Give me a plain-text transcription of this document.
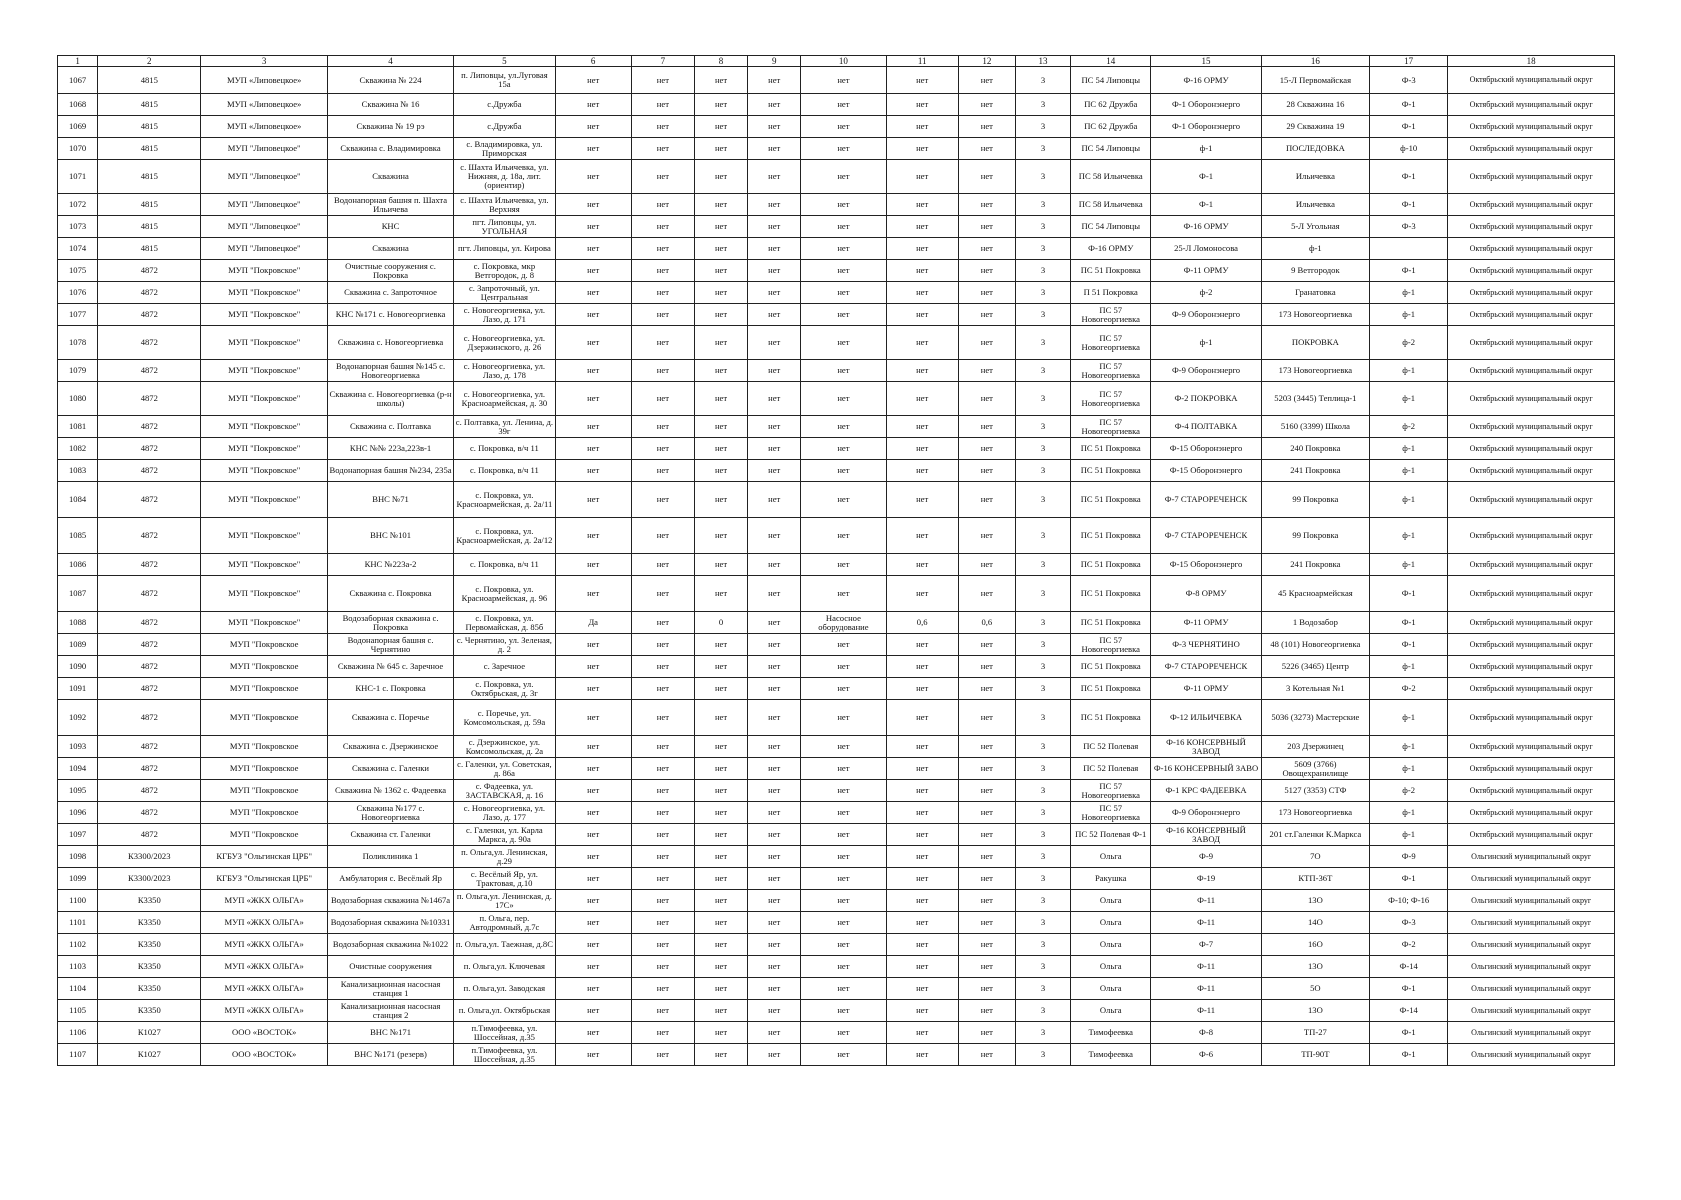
1	2	3	4	5	6	7	8	9	10	11	12	13	14	15	16	17	18
1067	4815	МУП «Липовецкое»	Скважина № 224	п. Липовцы, ул.Луговая 15а	нет	нет	нет	нет	нет	нет	нет	3	ПС 54 Липовцы	Ф-16 ОРМУ	15-Л Первомайская	Ф-3	Октябрьский муниципальный округ
1068	4815	МУП «Липовецкое»	Скважина № 16	с.Дружба	нет	нет	нет	нет	нет	нет	нет	3	ПС 62 Дружба	Ф-1 Оборонэнерго	28 Скважина 16	Ф-1	Октябрьский муниципальный округ
1069	4815	МУП «Липовецкое»	Скважина № 19 рэ	с.Дружба	нет	нет	нет	нет	нет	нет	нет	3	ПС 62 Дружба	Ф-1 Оборонэнерго	29 Скважина 19	Ф-1	Октябрьский муниципальный округ
1070	4815	МУП "Липовецкое"	Скважина с. Владимировка	с. Владимировка, ул. Приморская	нет	нет	нет	нет	нет	нет	нет	3	ПС 54 Липовцы	ф-1	ПОСЛЕДОВКА	ф-10	Октябрьский муниципальный округ
1071	4815	МУП "Липовецкое"	Скважина	с. Шахта Ильичевка, ул. Нижняя, д. 18а, лит. (ориентир)	нет	нет	нет	нет	нет	нет	нет	3	ПС 58 Ильичевка	Ф-1	Ильичевка	Ф-1	Октябрьский муниципальный округ
1072	4815	МУП "Липовецкое"	Водонапорная башня п. Шахта Ильичева	с. Шахта Ильичевка, ул. Верхняя	нет	нет	нет	нет	нет	нет	нет	3	ПС 58 Ильичевка	Ф-1	Ильичевка	Ф-1	Октябрьский муниципальный округ
1073	4815	МУП "Липовецкое"	КНС	пгт. Липовцы, ул. УГОЛЬНАЯ	нет	нет	нет	нет	нет	нет	нет	3	ПС 54 Липовцы	Ф-16 ОРМУ	5-Л Угольная	Ф-3	Октябрьский муниципальный округ
1074	4815	МУП "Липовецкое"	Скважина	пгт. Липовцы, ул. Кирова	нет	нет	нет	нет	нет	нет	нет	3	Ф-16 ОРМУ	25-Л Ломоносова	ф-1		Октябрьский муниципальный округ
1075	4872	МУП "Покровское"	Очистные сооружения с. Покровка	с. Покровка, мкр Ветгородок, д. 8	нет	нет	нет	нет	нет	нет	нет	3	ПС 51 Покровка	Ф-11 ОРМУ	9 Ветгородок	Ф-1	Октябрьский муниципальный округ
1076	4872	МУП "Покровское"	Скважина с. Запроточное	с. Запроточный, ул. Центральная	нет	нет	нет	нет	нет	нет	нет	3	П 51 Покровка	ф-2	Гранатовка	ф-1	Октябрьский муниципальный округ
1077	4872	МУП "Покровское"	КНС №171 с. Новогеоргиевка	с. Новогеоргиевка, ул. Лазо, д. 171	нет	нет	нет	нет	нет	нет	нет	3	ПС 57 Новогеоргиевка	Ф-9 Оборонэнерго	173 Новогеоргиевка	ф-1	Октябрьский муниципальный округ
1078	4872	МУП "Покровское"	Скважина с. Новогеоргиевка	с. Новогеоргиевка, ул. Дзержинского, д. 26	нет	нет	нет	нет	нет	нет	нет	3	ПС 57 Новогеоргиевка	ф-1	ПОКРОВКА	ф-2	Октябрьский муниципальный округ
1079	4872	МУП "Покровское"	Водонапорная башня №145 с. Новогеоргиевка	с. Новогеоргиевка, ул. Лазо, д. 178	нет	нет	нет	нет	нет	нет	нет	3	ПС 57 Новогеоргиевка	Ф-9 Оборонэнерго	173 Новогеоргиевка	ф-1	Октябрьский муниципальный округ
1080	4872	МУП "Покровское"	Скважина с. Новогеоргиевка (р-н школы)	с. Новогеоргиевка, ул. Красноармейская, д. 30	нет	нет	нет	нет	нет	нет	нет	3	ПС 57 Новогеоргиевка	Ф-2 ПОКРОВКА	5203 (3445) Теплица-1	ф-1	Октябрьский муниципальный округ
1081	4872	МУП "Покровское"	Скважина с. Полтавка	с. Полтавка, ул. Ленина, д. 39г	нет	нет	нет	нет	нет	нет	нет	3	ПС 57 Новогеоргиевка	Ф-4 ПОЛТАВКА	5160 (3399) Школа	ф-2	Октябрьский муниципальный округ
1082	4872	МУП "Покровское"	КНС №№ 223а,223в-1	с. Покровка, в/ч 11	нет	нет	нет	нет	нет	нет	нет	3	ПС 51 Покровка	Ф-15 Оборонэнерго	240 Покровка	ф-1	Октябрьский муниципальный округ
1083	4872	МУП "Покровское"	Водонапорная башня №234, 235а	с. Покровка, в/ч 11	нет	нет	нет	нет	нет	нет	нет	3	ПС 51 Покровка	Ф-15 Оборонэнерго	241 Покровка	ф-1	Октябрьский муниципальный округ
1084	4872	МУП "Покровское"	ВНС №71	с. Покровка, ул. Красноармейская, д. 2а/11	нет	нет	нет	нет	нет	нет	нет	3	ПС 51 Покровка	Ф-7 СТАРОРЕЧЕНСК	99 Покровка	ф-1	Октябрьский муниципальный округ
1085	4872	МУП "Покровское"	ВНС №101	с. Покровка, ул. Красноармейская, д. 2а/12	нет	нет	нет	нет	нет	нет	нет	3	ПС 51 Покровка	Ф-7 СТАРОРЕЧЕНСК	99 Покровка	ф-1	Октябрьский муниципальный округ
1086	4872	МУП "Покровское"	КНС №223а-2	с. Покровка, в/ч 11	нет	нет	нет	нет	нет	нет	нет	3	ПС 51 Покровка	Ф-15 Оборонэнерго	241 Покровка	ф-1	Октябрьский муниципальный округ
1087	4872	МУП "Покровское"	Скважина с. Покровка	с. Покровка, ул. Красноармейская, д. 96	нет	нет	нет	нет	нет	нет	нет	3	ПС 51 Покровка	Ф-8 ОРМУ	45 Красноармейская	Ф-1	Октябрьский муниципальный округ
1088	4872	МУП "Покровское"	Водозаборная скважина с. Покровка	с. Покровка, ул. Первомайская, д. 85б	Да	нет	0	нет	Насосное оборудование	0,6	0,6	3	ПС 51 Покровка	Ф-11 ОРМУ	1 Водозабор	Ф-1	Октябрьский муниципальный округ
1089	4872	МУП "Покровское	Водонапорная башня с. Чернятино	с. Чернятино, ул. Зеленая, д. 2	нет	нет	нет	нет	нет	нет	нет	3	ПС 57 Новогеоргиевка	Ф-3 ЧЕРНЯТИНО	48 (101) Новогеоргиевка	Ф-1	Октябрьский муниципальный округ
1090	4872	МУП "Покровское	Скважина № 645 с. Заречное	с. Заречное	нет	нет	нет	нет	нет	нет	нет	3	ПС 51 Покровка	Ф-7 СТАРОРЕЧЕНСК	5226 (3465) Центр	ф-1	Октябрьский муниципальный округ
1091	4872	МУП "Покровское	КНС-1 с. Покровка	с. Покровка, ул. Октябрьская, д. 3г	нет	нет	нет	нет	нет	нет	нет	3	ПС 51 Покровка	Ф-11 ОРМУ	3 Котельная №1	Ф-2	Октябрьский муниципальный округ
1092	4872	МУП "Покровское	Скважина с. Поречье	с. Поречье, ул. Комсомольская, д. 59а	нет	нет	нет	нет	нет	нет	нет	3	ПС 51 Покровка	Ф-12 ИЛЬИЧЕВКА	5036 (3273) Мастерские	ф-1	Октябрьский муниципальный округ
1093	4872	МУП "Покровское	Скважина с. Дзержинское	с. Дзержинское, ул. Комсомольская, д. 2а	нет	нет	нет	нет	нет	нет	нет	3	ПС 52 Полевая	Ф-16 КОНСЕРВНЫЙ ЗАВОД	203 Дзержинец	ф-1	Октябрьский муниципальный округ
1094	4872	МУП "Покровское	Скважина с. Галенки	с. Галенки, ул. Советская, д. 86а	нет	нет	нет	нет	нет	нет	нет	3	ПС 52 Полевая	Ф-16 КОНСЕРВНЫЙ ЗАВО	5609 (3766) Овощехранилище	ф-1	Октябрьский муниципальный округ
1095	4872	МУП "Покровское	Скважина № 1362 с. Фадеевка	с. Фадеевка, ул. ЗАСТАВСКАЯ, д. 16	нет	нет	нет	нет	нет	нет	нет	3	ПС 57 Новогеоргиевка	Ф-1 КРС ФАДЕЕВКА	5127 (3353) СТФ	ф-2	Октябрьский муниципальный округ
1096	4872	МУП "Покровское	Скважина №177 с. Новогеоргиевка	с. Новогеоргиевка, ул. Лазо, д. 177	нет	нет	нет	нет	нет	нет	нет	3	ПС 57 Новогеоргиевка	Ф-9 Оборонэнерго	173 Новогеоргиевка	ф-1	Октябрьский муниципальный округ
1097	4872	МУП "Покровское	Скважина ст. Галенки	с. Галенки, ул. Карла Маркса, д. 90а	нет	нет	нет	нет	нет	нет	нет	3	ПС 52 Полевая Ф-1	Ф-16 КОНСЕРВНЫЙ ЗАВОД	201 ст.Галенки К.Маркса	ф-1	Октябрьский муниципальный округ
1098	К3300/2023	КГБУЗ "Ольгинская ЦРБ"	Поликлиника 1	п. Ольга,ул. Ленинская, д.29	нет	нет	нет	нет	нет	нет	нет	3	Ольга	Ф-9	7О	Ф-9	Ольгинский муниципальный округ
1099	К3300/2023	КГБУЗ "Ольгинская ЦРБ"	Амбулатория с. Весёлый Яр	с. Весёлый Яр, ул. Трактовая, д.10	нет	нет	нет	нет	нет	нет	нет	3	Ракушка	Ф-19	КТП-36Т	Ф-1	Ольгинский муниципальный округ
1100	К3350	МУП «ЖКХ ОЛЬГА»	Водозаборная скважина №1467а	п. Ольга,ул. Ленинская, д. 17С»	нет	нет	нет	нет	нет	нет	нет	3	Ольга	Ф-11	13О	Ф-10; Ф-16	Ольгинский муниципальный округ
1101	К3350	МУП «ЖКХ ОЛЬГА»	Водозаборная скважина №10331	п. Ольга, пер. Автодромный, д.7с	нет	нет	нет	нет	нет	нет	нет	3	Ольга	Ф-11	14О	Ф-3	Ольгинский муниципальный округ
1102	К3350	МУП «ЖКХ ОЛЬГА»	Водозаборная скважина №1022	п. Ольга,ул. Таежная, д.8С	нет	нет	нет	нет	нет	нет	нет	3	Ольга	Ф-7	16О	Ф-2	Ольгинский муниципальный округ
1103	К3350	МУП «ЖКХ ОЛЬГА»	Очистные сооружения	п. Ольга,ул. Ключевая	нет	нет	нет	нет	нет	нет	нет	3	Ольга	Ф-11	13О	Ф-14	Ольгинский муниципальный округ
1104	К3350	МУП «ЖКХ ОЛЬГА»	Канализационная насосная станция 1	п. Ольга,ул. Заводская	нет	нет	нет	нет	нет	нет	нет	3	Ольга	Ф-11	5О	Ф-1	Ольгинский муниципальный округ
1105	К3350	МУП «ЖКХ ОЛЬГА»	Канализационная насосная станция 2	п. Ольга,ул. Октябрьская	нет	нет	нет	нет	нет	нет	нет	3	Ольга	Ф-11	13О	Ф-14	Ольгинский муниципальный округ
1106	К1027	ООО «ВОСТОК»	ВНС №171	п.Тимофеевка, ул. Шоссейная, д.35	нет	нет	нет	нет	нет	нет	нет	3	Тимофеевка	Ф-8	ТП-27	Ф-1	Ольгинский муниципальный округ
1107	К1027	ООО «ВОСТОК»	ВНС №171 (резерв)	п.Тимофеевка, ул. Шоссейная, д.35	нет	нет	нет	нет	нет	нет	нет	3	Тимофеевка	Ф-6	ТП-90Т	Ф-1	Ольгинский муниципальный округ
